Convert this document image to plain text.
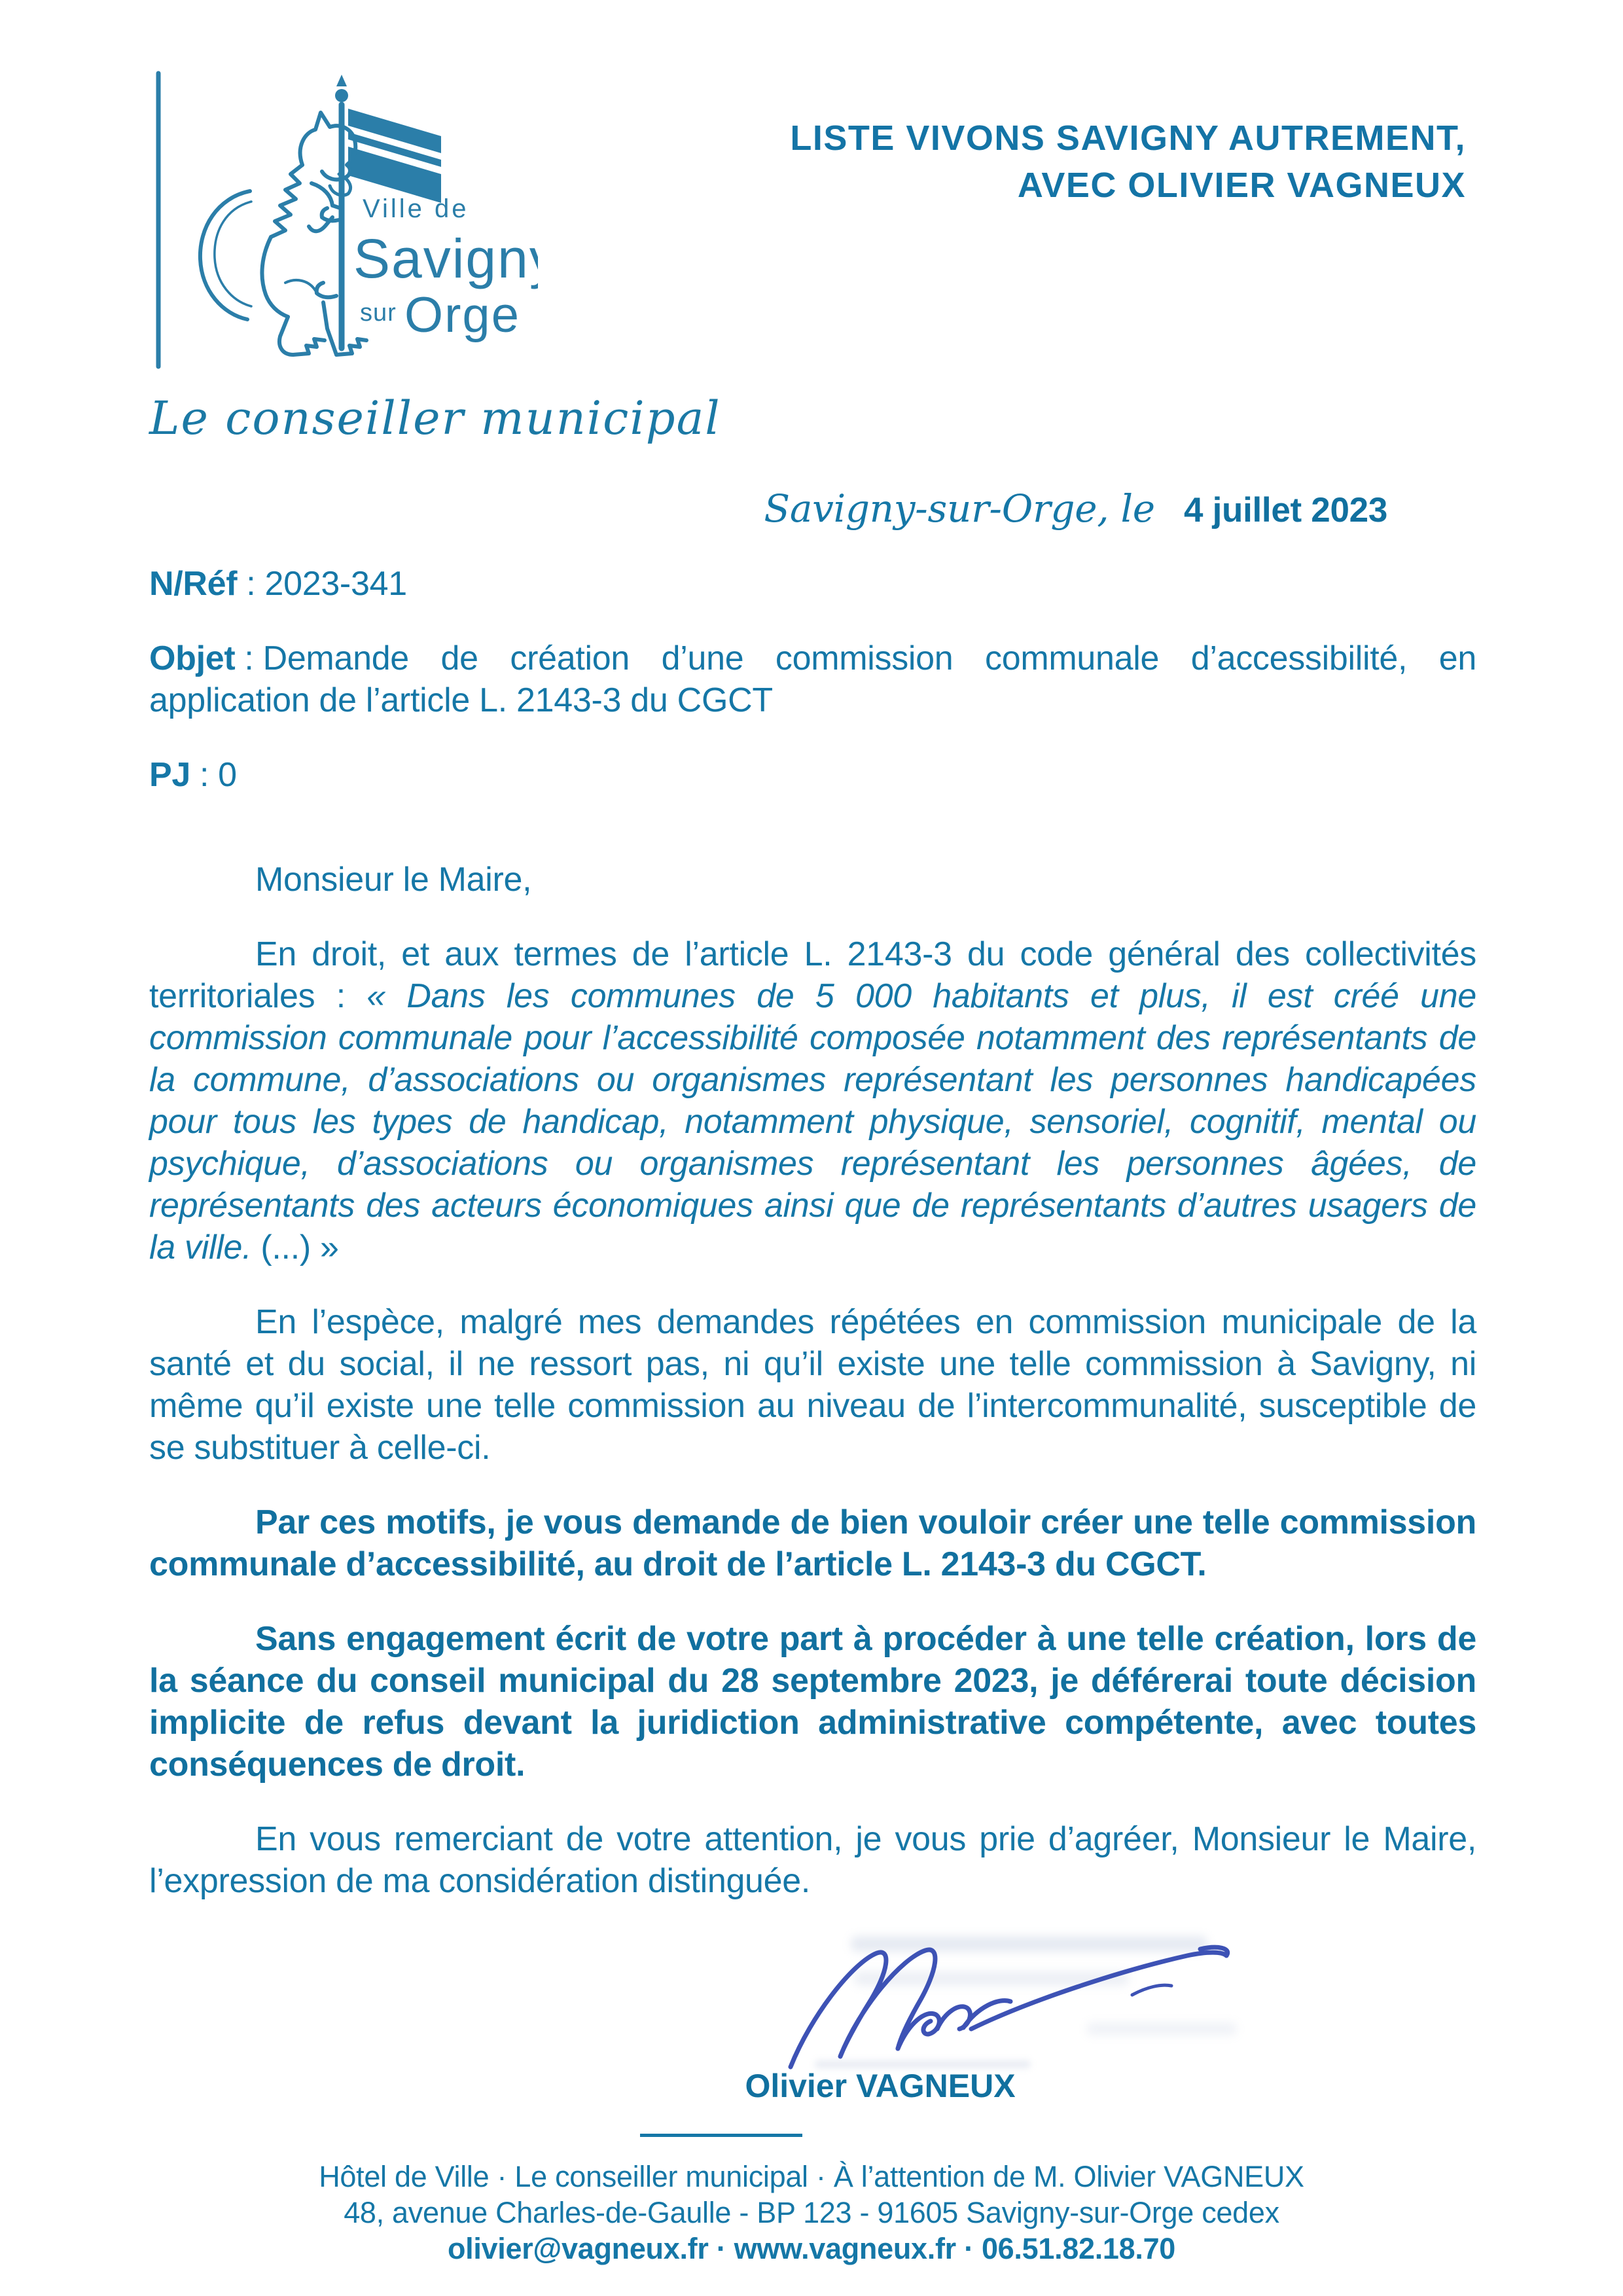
Ville de
Savigny
sur Orge
LISTE VIVONS SAVIGNY AUTREMENT,
AVEC OLIVIER VAGNEUX
Le conseiller municipal
Savigny-sur-Orge, le 4 juillet 2023
N/Réf : 2023-341
Objet : Demande de création d’une commission communale d’accessibilité, en application de l’article L. 2143-3 du CGCT
PJ : 0

Monsieur le Maire,

En droit, et aux termes de l’article L. 2143-3 du code général des collectivités territoriales : « Dans les communes de 5 000 habitants et plus, il est créé une commission communale pour l’accessibilité composée notamment des représentants de la commune, d’associations ou organismes représentant les personnes handicapées pour tous les types de handicap, notamment physique, sensoriel, cognitif, mental ou psychique, d’associations ou organismes représentant les personnes âgées, de représentants des acteurs économiques ainsi que de représentants d’autres usagers de la ville. (...) »

En l’espèce, malgré mes demandes répétées en commission municipale de la santé et du social, il ne ressort pas, ni qu’il existe une telle commission à Savigny, ni même qu’il existe une telle commission au niveau de l’intercommunalité, susceptible de se substituer à celle-ci.

Par ces motifs, je vous demande de bien vouloir créer une telle commission communale d’accessibilité, au droit de l’article L. 2143-3 du CGCT.

Sans engagement écrit de votre part à procéder à une telle création, lors de la séance du conseil municipal du 28 septembre 2023, je déférerai toute décision implicite de refus devant la juridiction administrative compétente, avec toutes conséquences de droit.

En vous remerciant de votre attention, je vous prie d’agréer, Monsieur le Maire, l’expression de ma considération distinguée.

Olivier VAGNEUX
Hôtel de Ville · Le conseiller municipal · À l’attention de M. Olivier VAGNEUX
48, avenue Charles-de-Gaulle - BP 123 - 91605 Savigny-sur-Orge cedex
olivier@vagneux.fr · www.vagneux.fr · 06.51.82.18.70
